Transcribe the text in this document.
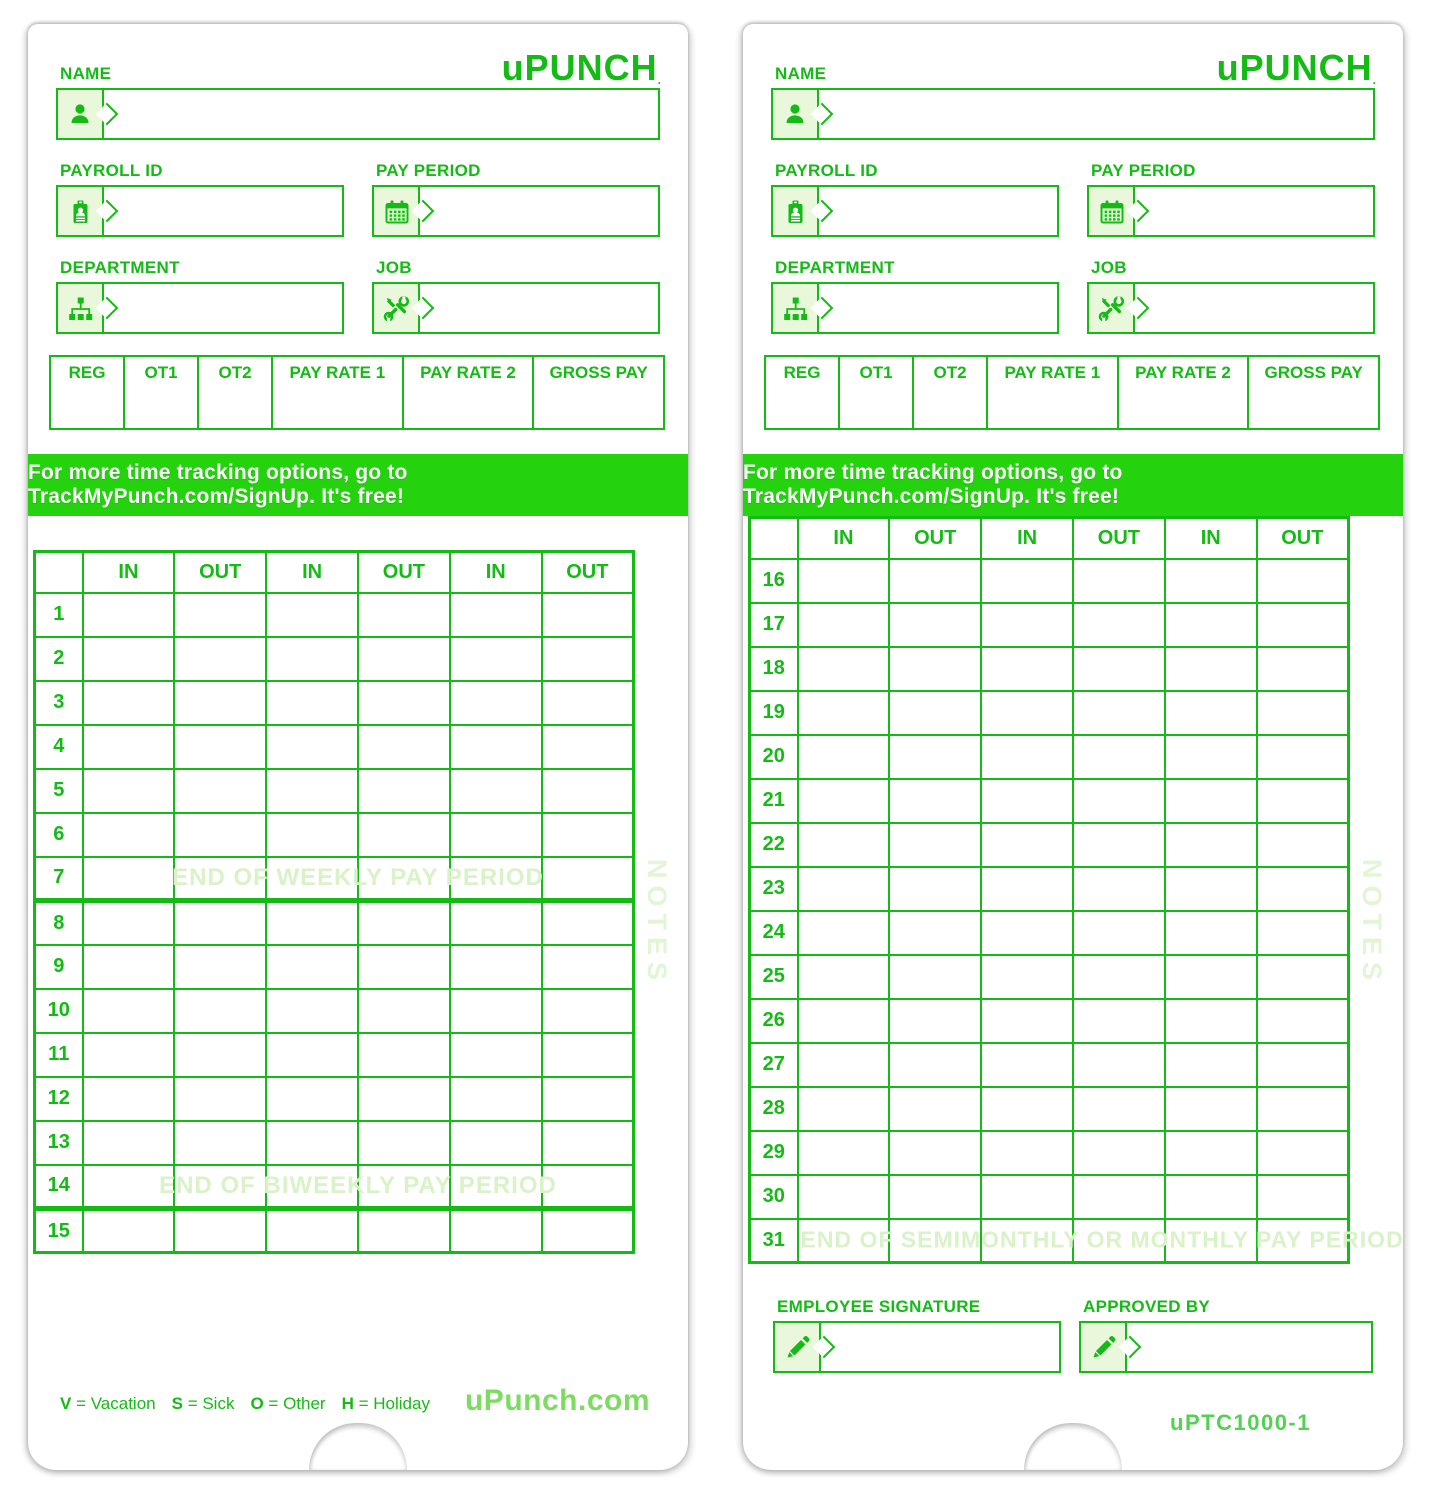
uPUNCH.
NAME
PAYROLL ID	PAY PERIOD
DEPARTMENT	JOB
REG	OT1	OT2	PAY RATE 1	PAY RATE 2	GROSS PAY
For more time tracking options, go to TrackMyPunch.com/SignUp. It's free!
	IN	OUT	IN	OUT	IN	OUT
1						
2						
3						
4						
5						
6						
7	END OF WEEKLY PAY PERIOD					

8						
9						
10						
11						
12						
13						
14	END OF BIWEEKLY PAY PERIOD					

15						
NOTES
V = Vacation S = Sick O = Other H = Holiday uPunch.com
uPUNCH.
NAME
PAYROLL ID	PAY PERIOD
DEPARTMENT	JOB
REG	OT1	OT2	PAY RATE 1	PAY RATE 2	GROSS PAY
For more time tracking options, go to TrackMyPunch.com/SignUp. It's free!
	IN	OUT	IN	OUT	IN	OUT
16						
17						
18						
19						
20						
21						
22						
23						
24						
25						
26						
27						
28						
29						
30						
31	END OF SEMIMONTHLY OR MONTHLY PAY PERIOD					

NOTES
EMPLOYEE SIGNATURE	APPROVED BY
uPTC1000-1
